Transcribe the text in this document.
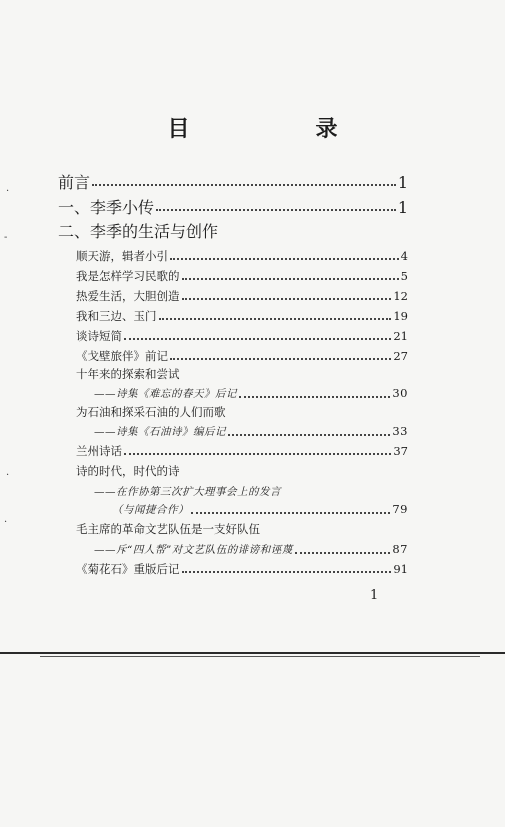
目　录
前言	1
一、李季小传	1
二、李季的生活与创作
顺天游，辑者小引	4
我是怎样学习民歌的	5
热爱生活，大胆创造	12
我和三边、玉门	19
谈诗短简	21
《戈壁旅伴》前记	27
十年来的探索和尝试
——诗集《难忘的春天》后记	30
为石油和探采石油的人们而歌
——诗集《石油诗》编后记	33
兰州诗话	37
诗的时代，时代的诗
——在作协第三次扩大理事会上的发言
（与闻捷合作）	79
毛主席的革命文艺队伍是一支好队伍
——斥“四人帮”对文艺队伍的诽谤和诬蔑	87
《菊花石》重版后记	91
1
·
-
·
·
